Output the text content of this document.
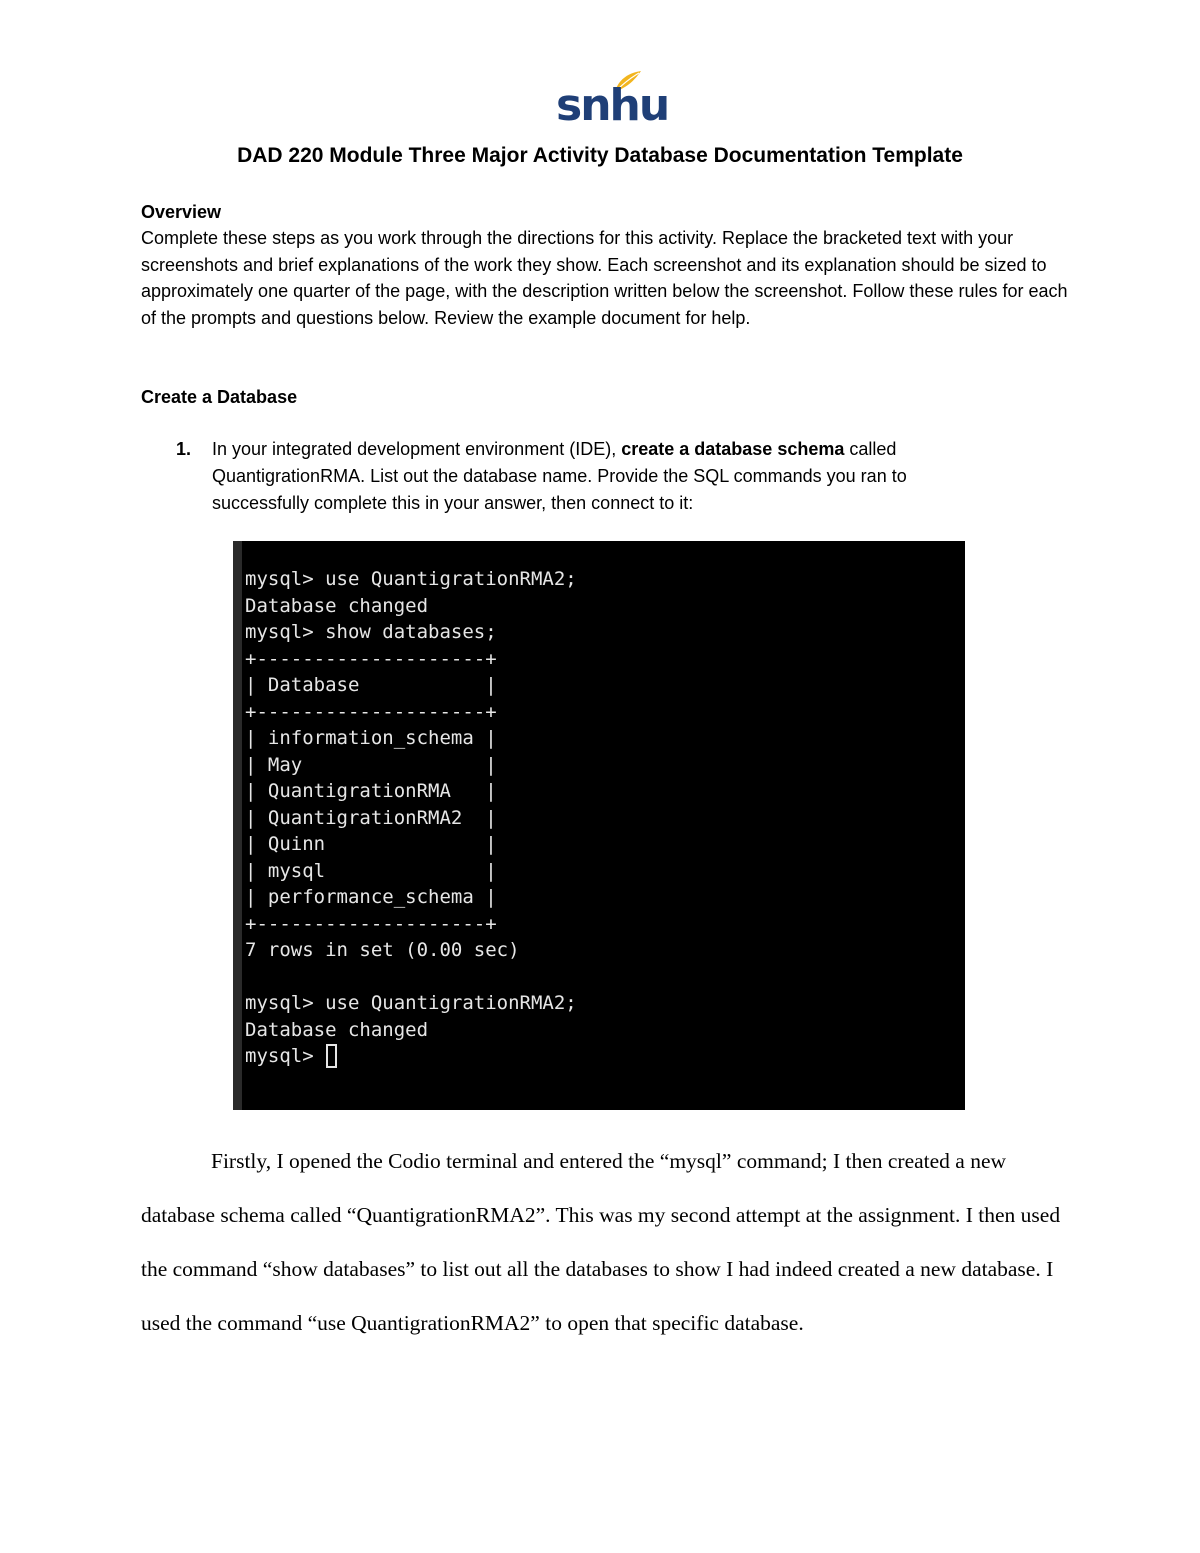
snhu
DAD 220 Module Three Major Activity Database Documentation Template
Overview

Complete these steps as you work through the directions for this activity. Replace the bracketed text with your screenshots and brief explanations of the work they show. Each screenshot and its explanation should be sized to approximately one quarter of the page, with the description written below the screenshot. Follow these rules for each of the prompts and questions below. Review the example document for help.

Create a Database
1. In your integrated development environment (IDE), create a database schema called QuantigrationRMA. List out the database name. Provide the SQL commands you ran to successfully complete this in your answer, then connect to it:

mysql> use QuantigrationRMA2;
Database changed
mysql> show databases;
+--------------------+
| Database           |
+--------------------+
| information_schema |
| May                |
| QuantigrationRMA   |
| QuantigrationRMA2  |
| Quinn              |
| mysql              |
| performance_schema |
+--------------------+
7 rows in set (0.00 sec)

mysql> use QuantigrationRMA2;
Database changed
mysql>

Firstly, I opened the Codio terminal and entered the “mysql” command; I then created a new database schema called “QuantigrationRMA2”. This was my second attempt at the assignment. I then used the command “show databases” to list out all the databases to show I had indeed created a new database. I used the command “use QuantigrationRMA2” to open that specific database.
